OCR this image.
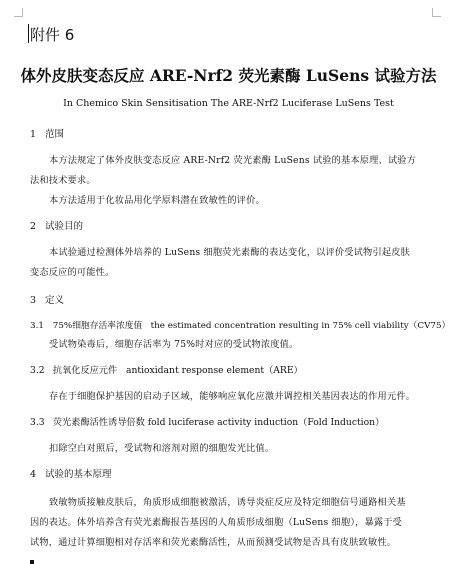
附件 6
体外皮肤变态反应 ARE-Nrf2 荧光素酶 LuSens 试验方法
In Chemico Skin Sensitisation The ARE-Nrf2 Luciferase LuSens Test
1 范围
本方法规定了体外皮肤变态反应 ARE-Nrf2 荧光素酶 LuSens 试验的基本原理、试验方
法和技术要求。
本方法适用于化妆品用化学原料潜在致敏性的评价。
2 试验目的
本试验通过检测体外培养的 LuSens 细胞荧光素酶的表达变化，以评价受试物引起皮肤
变态反应的可能性。
3 定义
3.1 75%细胞存活率浓度值 the estimated concentration resulting in 75% cell viability（CV75）
受试物染毒后，细胞存活率为 75%时对应的受试物浓度值。
3.2 抗氧化反应元件 antioxidant response element（ARE）
存在于细胞保护基因的启动子区域，能够响应氧化应激并调控相关基因表达的作用元件。
3.3 荧光素酶活性诱导倍数 fold luciferase activity induction（Fold Induction）
扣除空白对照后，受试物和溶剂对照的细胞发光比值。
4 试验的基本原理
致敏物质接触皮肤后，角质形成细胞被激活，诱导炎症反应及特定细胞信号通路相关基
因的表达。体外培养含有荧光素酶报告基因的人角质形成细胞（LuSens 细胞），暴露于受
试物，通过计算细胞相对存活率和荧光素酶活性，从而预测受试物是否具有皮肤致敏性。
